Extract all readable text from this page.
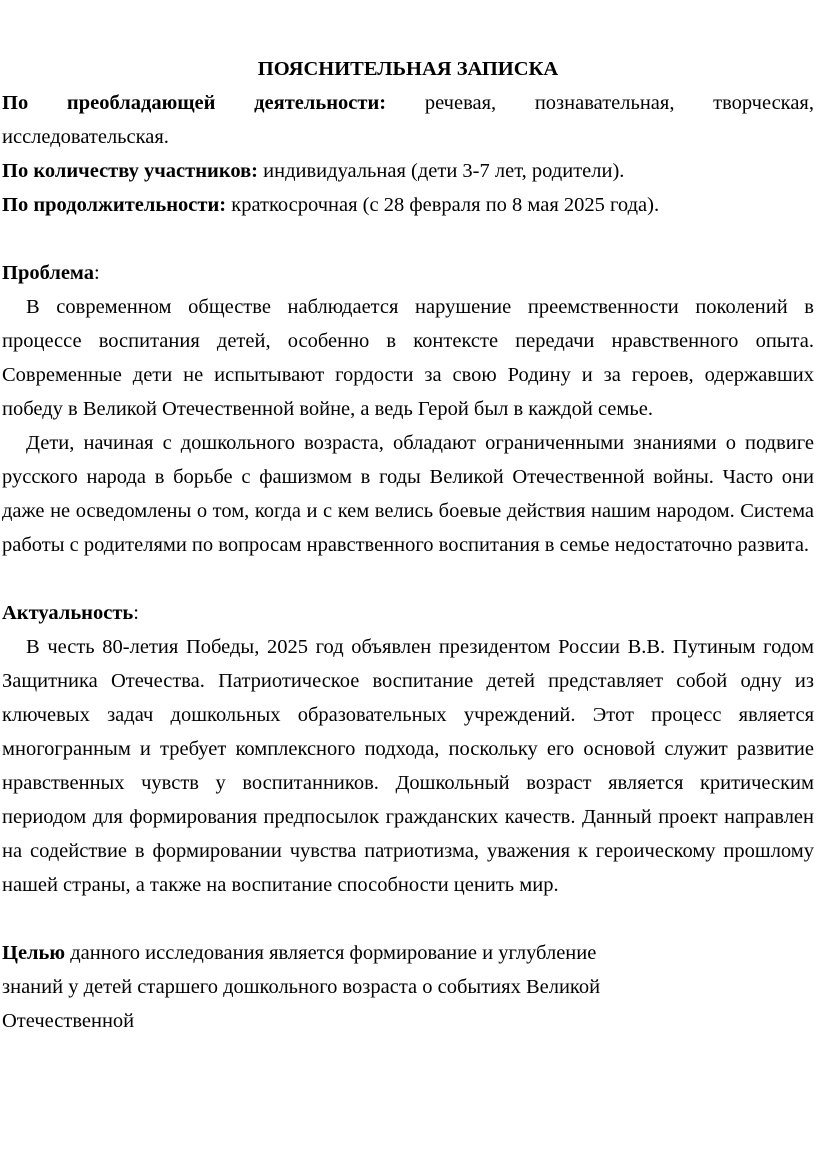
ПОЯСНИТЕЛЬНАЯ ЗАПИСКА

По преобладающей деятельности: речевая, познавательная, творческая, исследовательская.

По количеству участников: индивидуальная (дети 3-7 лет, родители).

По продолжительности: краткосрочная (с 28 февраля по 8 мая 2025 года).

Проблема:

В современном обществе наблюдается нарушение преемственности поколений в процессе воспитания детей, особенно в контексте передачи нравственного опыта. Современные дети не испытывают гордости за свою Родину и за героев, одержавших победу в Великой Отечественной войне, а ведь Герой был в каждой семье.

Дети, начиная с дошкольного возраста, обладают ограниченными знаниями о подвиге русского народа в борьбе с фашизмом в годы Великой Отечественной войны. Часто они даже не осведомлены о том, когда и с кем велись боевые действия нашим народом. Система работы с родителями по вопросам нравственного воспитания в семье недостаточно развита.

Актуальность:

В честь 80-летия Победы, 2025 год объявлен президентом России В.В. Путиным годом Защитника Отечества. Патриотическое воспитание детей представляет собой одну из ключевых задач дошкольных образовательных учреждений. Этот процесс является многогранным и требует комплексного подхода, поскольку его основой служит развитие нравственных чувств у воспитанников. Дошкольный возраст является критическим периодом для формирования предпосылок гражданских качеств. Данный проект направлен на содействие в формировании чувства патриотизма, уважения к героическому прошлому нашей страны, а также на воспитание способности ценить мир.

Целью данного исследования является формирование и углубление

знаний у детей старшего дошкольного возраста о событиях Великой

Отечественной
